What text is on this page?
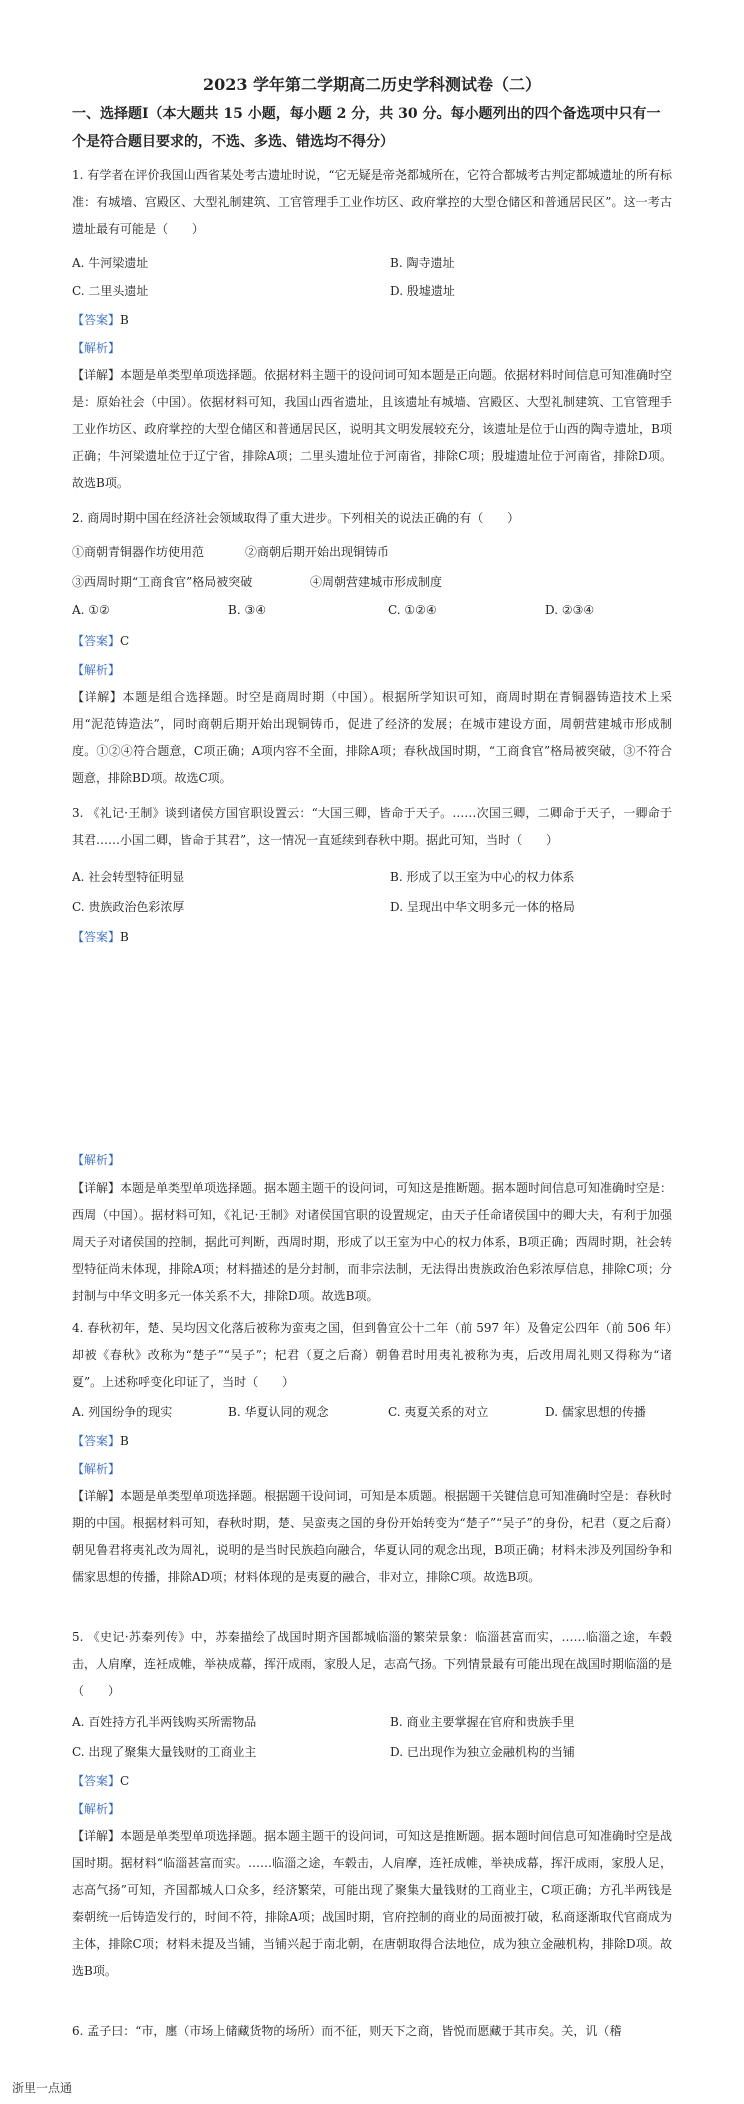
2023 学年第二学期高二历史学科测试卷（二）
一、选择题Ⅰ（本大题共 15 小题，每小题 2 分，共 30 分。每小题列出的四个备选项中只有一个是符合题目要求的，不选、多选、错选均不得分）
1. 有学者在评价我国山西省某处考古遗址时说，“它无疑是帝尧都城所在，它符合都城考古判定都城遗址的所有标准：有城墙、宫殿区、大型礼制建筑、工官管理手工业作坊区、政府掌控的大型仓储区和普通居民区”。这一考古遗址最有可能是（　　）
A. 牛河梁遗址	B. 陶寺遗址
C. 二里头遗址	D. 殷墟遗址
【答案】B
【解析】
【详解】本题是单类型单项选择题。依据材料主题干的设问词可知本题是正向题。依据材料时间信息可知准确时空是：原始社会（中国）。依据材料可知，我国山西省遗址，且该遗址有城墙、宫殿区、大型礼制建筑、工官管理手工业作坊区、政府掌控的大型仓储区和普通居民区，说明其文明发展较充分，该遗址是位于山西的陶寺遗址，B项正确；牛河梁遗址位于辽宁省，排除A项；二里头遗址位于河南省，排除C项；殷墟遗址位于河南省，排除D项。故选B项。
2. 商周时期中国在经济社会领域取得了重大进步。下列相关的说法正确的有（　　）
①商朝青铜器作坊使用范	②商朝后期开始出现铜铸币
③西周时期“工商食官”格局被突破	④周朝营建城市形成制度
A. ①②	B. ③④	C. ①②④	D. ②③④
【答案】C
【解析】
【详解】本题是组合选择题。时空是商周时期（中国）。根据所学知识可知，商周时期在青铜器铸造技术上采用“泥范铸造法”，同时商朝后期开始出现铜铸币，促进了经济的发展；在城市建设方面，周朝营建城市形成制度。①②④符合题意，C项正确；A项内容不全面，排除A项；春秋战国时期，“工商食官”格局被突破，③不符合题意，排除BD项。故选C项。
3. 《礼记·王制》谈到诸侯方国官职设置云：“大国三卿，皆命于天子。……次国三卿，二卿命于天子，一卿命于其君……小国二卿，皆命于其君”，这一情况一直延续到春秋中期。据此可知，当时（　　）
A. 社会转型特征明显	B. 形成了以王室为中心的权力体系
C. 贵族政治色彩浓厚	D. 呈现出中华文明多元一体的格局
【答案】B
【解析】
【详解】本题是单类型单项选择题。据本题主题干的设问词，可知这是推断题。据本题时间信息可知准确时空是：西周（中国）。据材料可知，《礼记·王制》对诸侯国官职的设置规定，由天子任命诸侯国中的卿大夫，有利于加强周天子对诸侯国的控制，据此可判断，西周时期，形成了以王室为中心的权力体系，B项正确；西周时期，社会转型特征尚未体现，排除A项；材料描述的是分封制，而非宗法制，无法得出贵族政治色彩浓厚信息，排除C项；分封制与中华文明多元一体关系不大，排除D项。故选B项。
4. 春秋初年，楚、吴均因文化落后被称为蛮夷之国，但到鲁宣公十二年（前 597 年）及鲁定公四年（前 506 年）却被《春秋》改称为“楚子”“吴子”；杞君（夏之后裔）朝鲁君时用夷礼被称为夷，后改用周礼则又得称为“诸夏”。上述称呼变化印证了，当时（　　）
A. 列国纷争的现实	B. 华夏认同的观念	C. 夷夏关系的对立	D. 儒家思想的传播
【答案】B
【解析】
【详解】本题是单类型单项选择题。根据题干设问词，可知是本质题。根据题干关键信息可知准确时空是：春秋时期的中国。根据材料可知，春秋时期，楚、吴蛮夷之国的身份开始转变为“楚子”“吴子”的身份，杞君（夏之后裔）朝见鲁君将夷礼改为周礼，说明的是当时民族趋向融合，华夏认同的观念出现，B项正确；材料未涉及列国纷争和儒家思想的传播，排除AD项；材料体现的是夷夏的融合，非对立，排除C项。故选B项。
5. 《史记·苏秦列传》中，苏秦描绘了战国时期齐国都城临淄的繁荣景象：临淄甚富而实，……临淄之途，车毂击，人肩摩，连衽成帷，举袂成幕，挥汗成雨，家殷人足，志高气扬。下列情景最有可能出现在战国时期临淄的是（　　）
A. 百姓持方孔半两钱购买所需物品	B. 商业主要掌握在官府和贵族手里
C. 出现了聚集大量钱财的工商业主	D. 已出现作为独立金融机构的当铺
【答案】C
【解析】
【详解】本题是单类型单项选择题。据本题主题干的设问词，可知这是推断题。据本题时间信息可知准确时空是战国时期。据材料“临淄甚富而实。……临淄之途，车毂击，人肩摩，连衽成帷，举袂成幕，挥汗成雨，家殷人足，志高气扬”可知，齐国都城人口众多，经济繁荣，可能出现了聚集大量钱财的工商业主，C项正确；方孔半两钱是秦朝统一后铸造发行的，时间不符，排除A项；战国时期，官府控制的商业的局面被打破，私商逐渐取代官商成为主体，排除C项；材料未提及当铺，当铺兴起于南北朝，在唐朝取得合法地位，成为独立金融机构，排除D项。故选B项。
6. 孟子曰：“市，廛（市场上储藏货物的场所）而不征，则天下之商，皆悦而愿藏于其市矣。关，讥（稽
浙里一点通
